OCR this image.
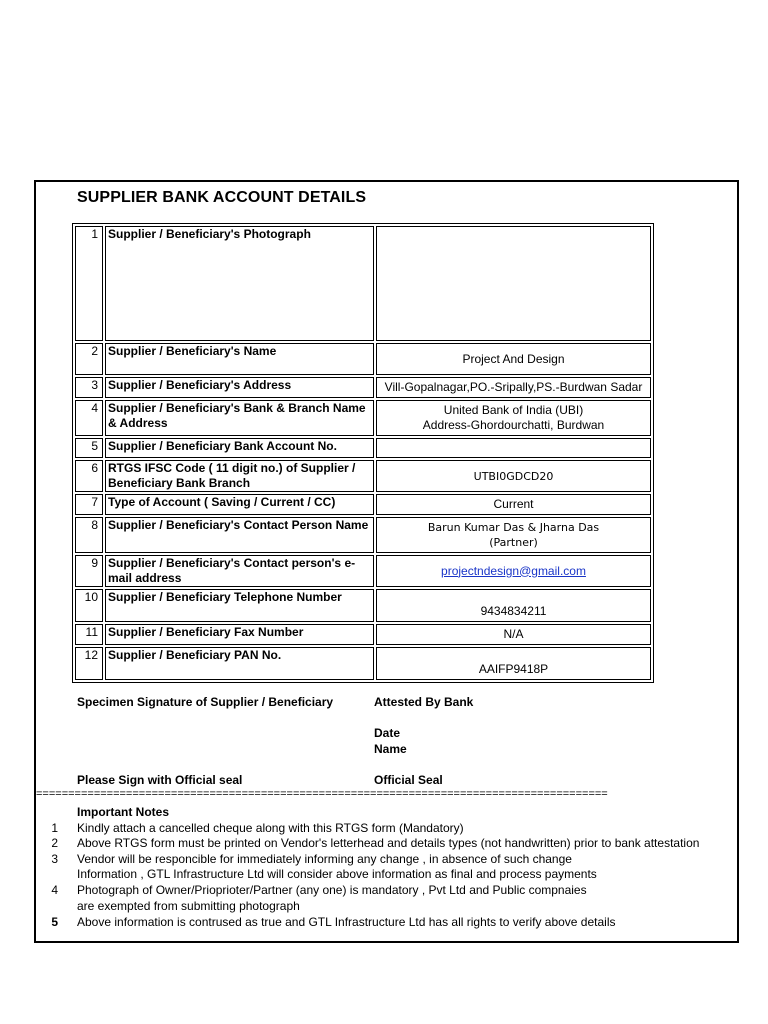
SUPPLIER BANK ACCOUNT DETAILS
1	Supplier / Beneficiary's Photograph	
2	Supplier / Beneficiary's Name	Project And Design
3	Supplier / Beneficiary's Address	Vill-Gopalnagar,PO.-Sripally,PS.-Burdwan Sadar
4	Supplier / Beneficiary's Bank & Branch Name & Address	United Bank of India (UBI)
Address-Ghordourchatti, Burdwan

5	Supplier / Beneficiary Bank Account No.	
6	RTGS IFSC Code ( 11 digit no.) of Supplier / Beneficiary Bank Branch	UTBI0GDCD20
7	Type of Account ( Saving / Current / CC)	Current
8	Supplier / Beneficiary's Contact Person Name	Barun Kumar Das & Jharna Das
(Partner)

9	Supplier / Beneficiary's Contact person's e-mail address	projectndesign@gmail.com
10	Supplier / Beneficiary Telephone Number	9434834211
11	Supplier / Beneficiary Fax Number	N/A
12	Supplier / Beneficiary PAN No.	AAIFP9418P
Specimen Signature of Supplier / Beneficiary	Attested By Bank
Date
Name
Please Sign with Official seal	Official Seal
=========================================================================================
Important Notes
1 Kindly attach a cancelled cheque along with this RTGS form (Mandatory)
2 Above RTGS form must be printed on Vendor's letterhead and details types (not handwritten) prior to bank attestation
3 Vendor will be responcible for immediately informing any change , in absence of such change
Information , GTL Infrastructure Ltd will consider above information as final and process payments
4 Photograph of Owner/Prioprioter/Partner (any one) is mandatory , Pvt Ltd and Public compnaies
are exempted from submitting photograph
5 Above information is contrused as true and GTL Infrastructure Ltd has all rights to verify above details
